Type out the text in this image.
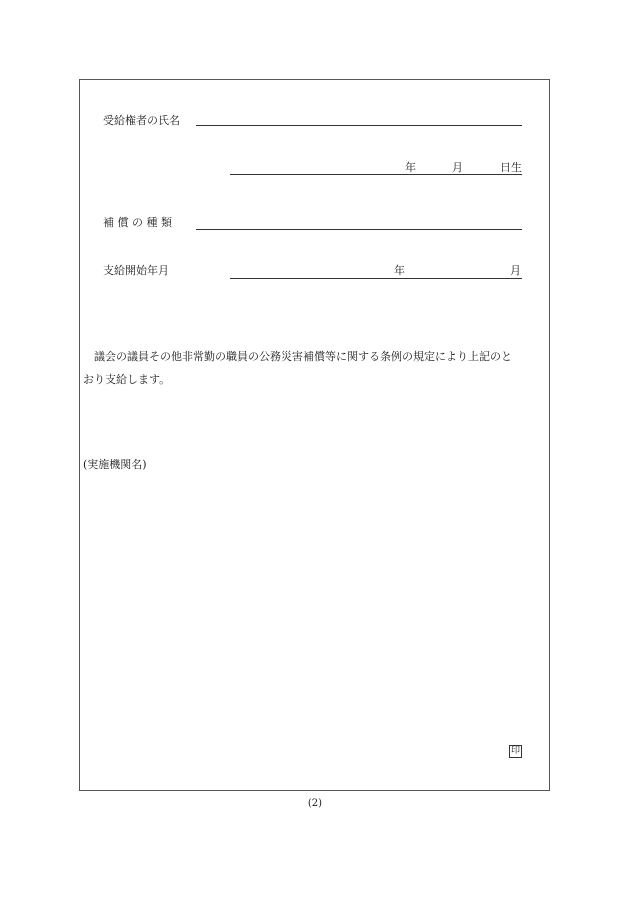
受給権者の氏名
年	月	日生
補 償 の 種 類
支給開始年月	年	月
議会の議員その他非常勤の職員の公務災害補償等に関する条例の規定により上記のと
おり支給します。
(実施機関名)
印
(2)
